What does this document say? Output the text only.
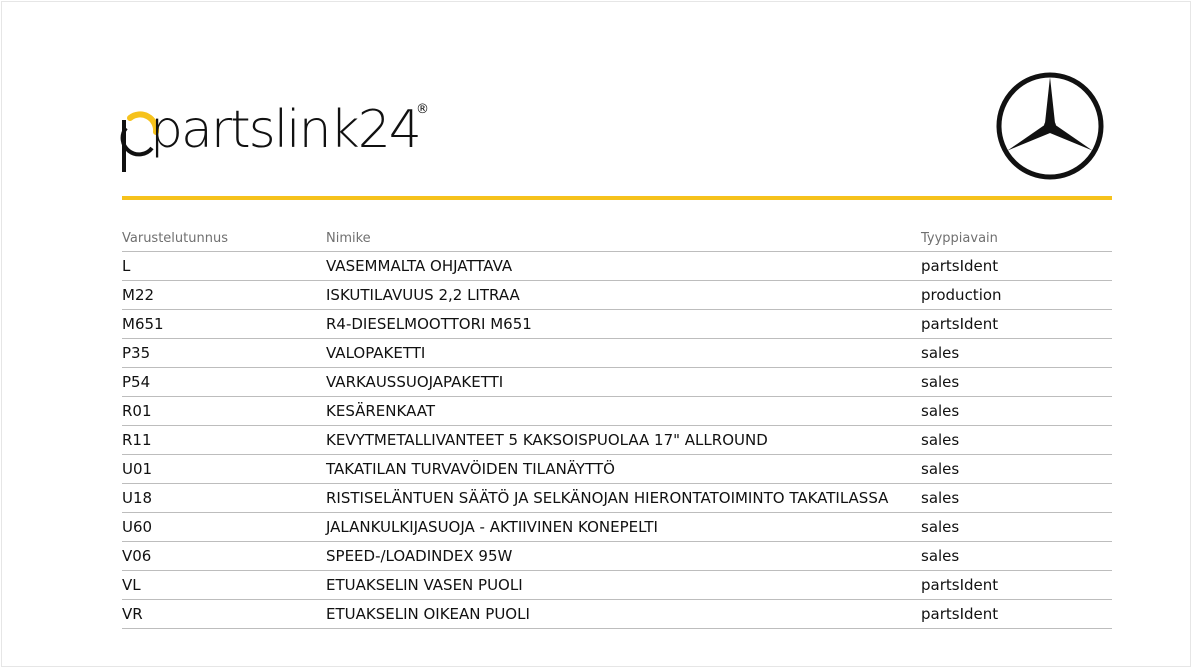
partslink24
®
Varustelutunnus	Nimike	Tyyppiavain
L	VASEMMALTA OHJATTAVA	partsIdent
M22	ISKUTILAVUUS 2,2 LITRAA	production
M651	R4-DIESELMOOTTORI M651	partsIdent
P35	VALOPAKETTI	sales
P54	VARKAUSSUOJAPAKETTI	sales
R01	KESÄRENKAAT	sales
R11	KEVYTMETALLIVANTEET 5 KAKSOISPUOLAA 17" ALLROUND	sales
U01	TAKATILAN TURVAVÖIDEN TILANÄYTTÖ	sales
U18	RISTISELÄNTUEN SÄÄTÖ JA SELKÄNOJAN HIERONTATOIMINTO TAKATILASSA	sales
U60	JALANKULKIJASUOJA - AKTIIVINEN KONEPELTI	sales
V06	SPEED-/LOADINDEX 95W	sales
VL	ETUAKSELIN VASEN PUOLI	partsIdent
VR	ETUAKSELIN OIKEAN PUOLI	partsIdent
